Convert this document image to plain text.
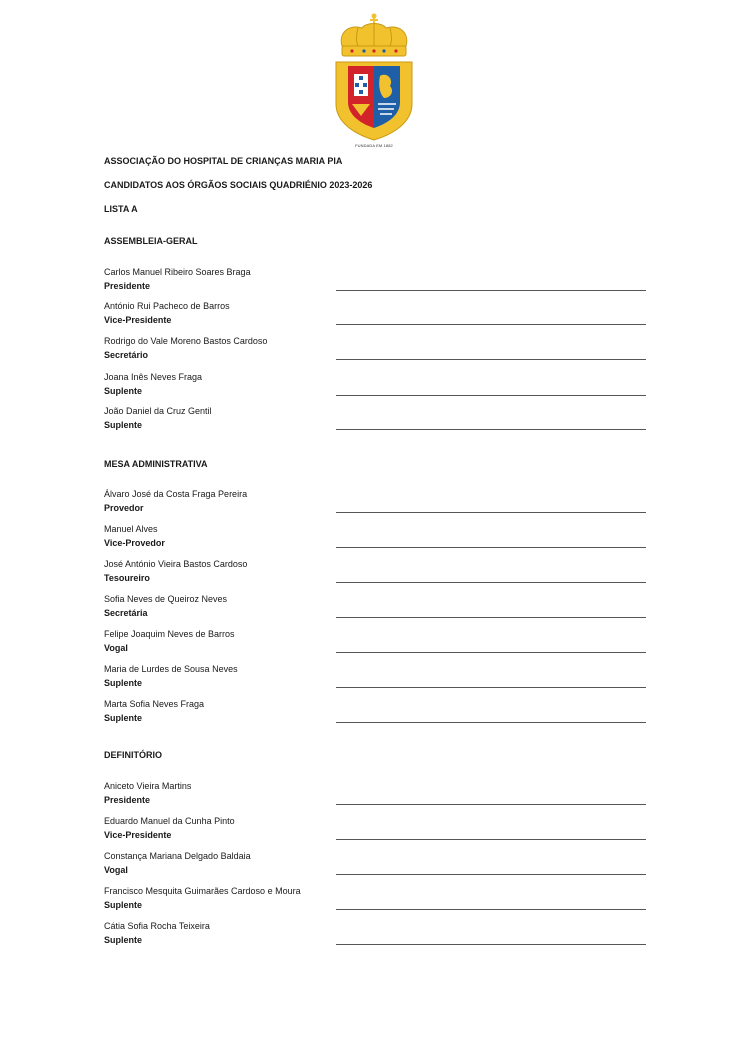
FUNDADA EM 1882
ASSOCIAÇÃO DO HOSPITAL DE CRIANÇAS MARIA PIA
CANDIDATOS AOS ÓRGÃOS SOCIAIS QUADRIÉNIO 2023-2026
LISTA A
ASSEMBLEIA-GERAL
Carlos Manuel Ribeiro Soares Braga
Presidente
António Rui Pacheco de Barros
Vice-Presidente
Rodrigo do Vale Moreno Bastos Cardoso
Secretário
Joana Inês Neves Fraga
Suplente
João Daniel da Cruz Gentil
Suplente
MESA ADMINISTRATIVA
Álvaro José da Costa Fraga Pereira
Provedor
Manuel Alves
Vice-Provedor
José António Vieira Bastos Cardoso
Tesoureiro
Sofia Neves de Queiroz Neves
Secretária
Felipe Joaquim Neves de Barros
Vogal
Maria de Lurdes de Sousa Neves
Suplente
Marta Sofia Neves Fraga
Suplente
DEFINITÓRIO
Aniceto Vieira Martins
Presidente
Eduardo Manuel da Cunha Pinto
Vice-Presidente
Constança Mariana Delgado Baldaia
Vogal
Francisco Mesquita Guimarães Cardoso e Moura
Suplente
Cátia Sofia Rocha Teixeira
Suplente
